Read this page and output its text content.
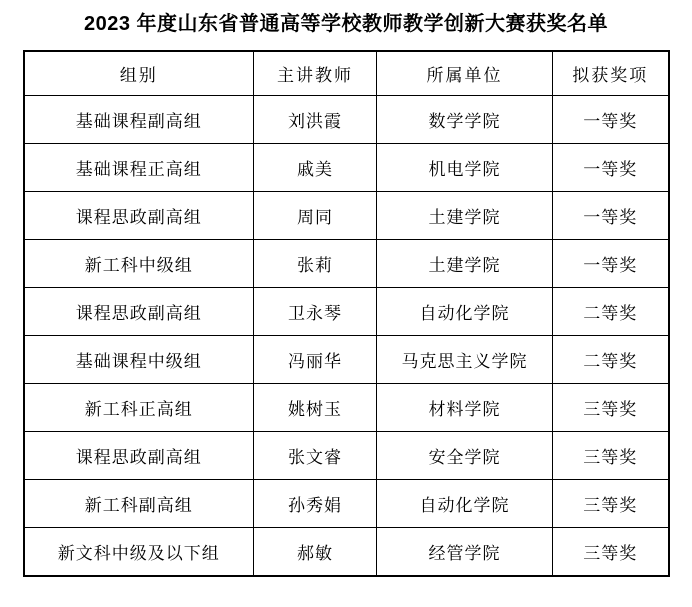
2023 年度山东省普通高等学校教师教学创新大赛获奖名单
组别	主讲教师	所属单位	拟获奖项
基础课程副高组	刘洪霞	数学学院	一等奖
基础课程正高组	戚美	机电学院	一等奖
课程思政副高组	周同	土建学院	一等奖
新工科中级组	张莉	土建学院	一等奖
课程思政副高组	卫永琴	自动化学院	二等奖
基础课程中级组	冯丽华	马克思主义学院	二等奖
新工科正高组	姚树玉	材料学院	三等奖
课程思政副高组	张文睿	安全学院	三等奖
新工科副高组	孙秀娟	自动化学院	三等奖
新文科中级及以下组	郝敏	经管学院	三等奖
